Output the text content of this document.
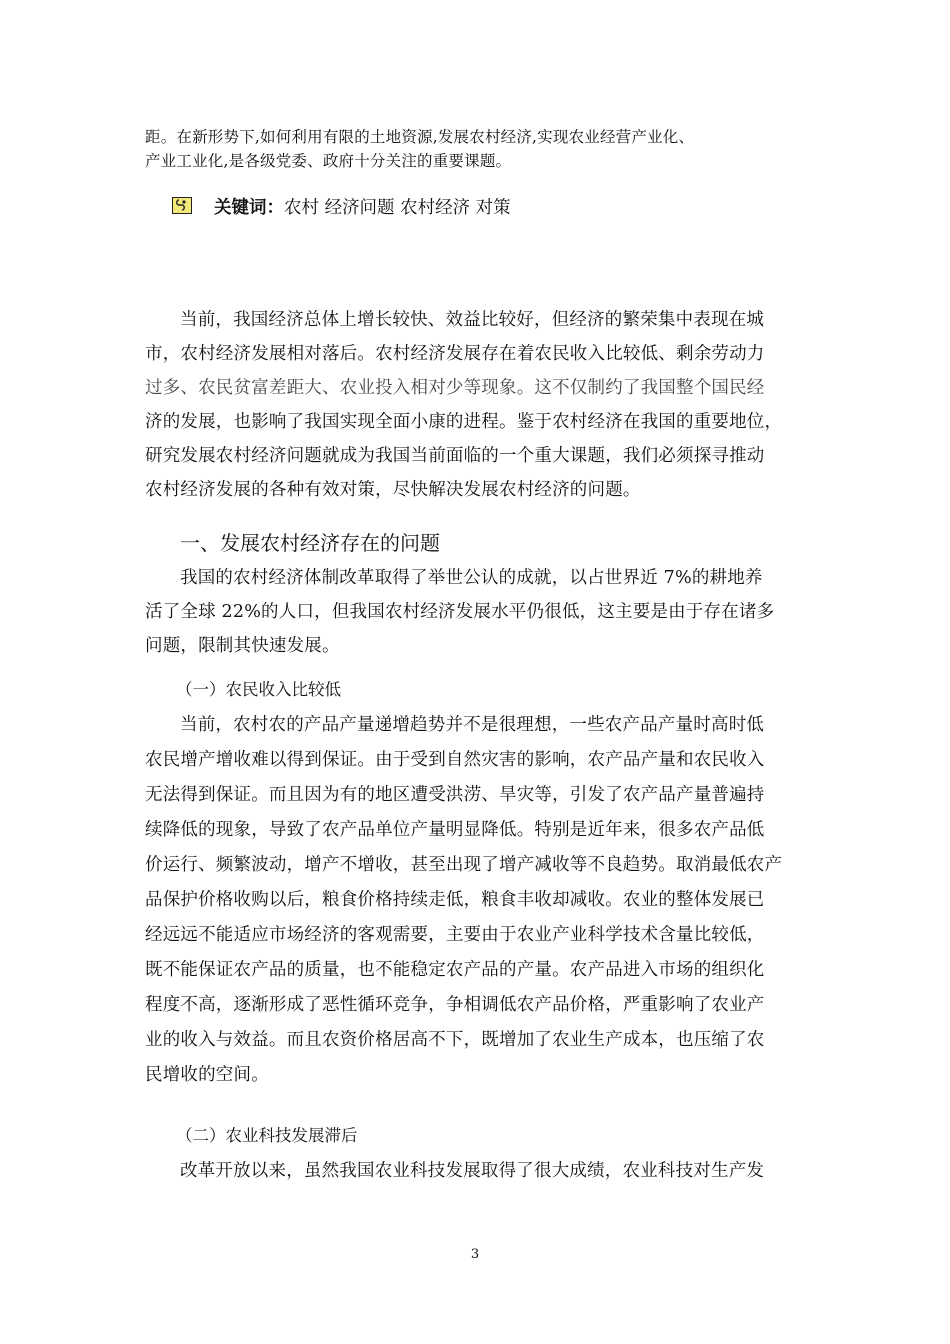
距。在新形势下,如何利用有限的土地资源,发展农村经济,实现农业经营产业化、
产业工业化,是各级党委、政府十分关注的重要课题。
关键词：农村 经济问题 农村经济 对策
当前，我国经济总体上增长较快、效益比较好，但经济的繁荣集中表现在城
市，农村经济发展相对落后。农村经济发展存在着农民收入比较低、剩余劳动力
过多、农民贫富差距大、农业投入相对少等现象。这不仅制约了我国整个国民经
济的发展，也影响了我国实现全面小康的进程。鉴于农村经济在我国的重要地位，
研究发展农村经济问题就成为我国当前面临的一个重大课题，我们必须探寻推动
农村经济发展的各种有效对策，尽快解决发展农村经济的问题。
一、发展农村经济存在的问题
我国的农村经济体制改革取得了举世公认的成就，以占世界近 7%的耕地养
活了全球 22%的人口，但我国农村经济发展水平仍很低，这主要是由于存在诸多
问题，限制其快速发展。
（一）农民收入比较低
当前，农村农的产品产量递增趋势并不是很理想，一些农产品产量时高时低
农民增产增收难以得到保证。由于受到自然灾害的影响，农产品产量和农民收入
无法得到保证。而且因为有的地区遭受洪涝、旱灾等，引发了农产品产量普遍持
续降低的现象，导致了农产品单位产量明显降低。特别是近年来，很多农产品低
价运行、频繁波动，增产不增收，甚至出现了增产减收等不良趋势。取消最低农产
品保护价格收购以后，粮食价格持续走低，粮食丰收却减收。农业的整体发展已
经远远不能适应市场经济的客观需要，主要由于农业产业科学技术含量比较低，
既不能保证农产品的质量，也不能稳定农产品的产量。农产品进入市场的组织化
程度不高，逐渐形成了恶性循环竞争，争相调低农产品价格，严重影响了农业产
业的收入与效益。而且农资价格居高不下，既增加了农业生产成本，也压缩了农
民增收的空间。
（二）农业科技发展滞后
改革开放以来，虽然我国农业科技发展取得了很大成绩，农业科技对生产发
3
